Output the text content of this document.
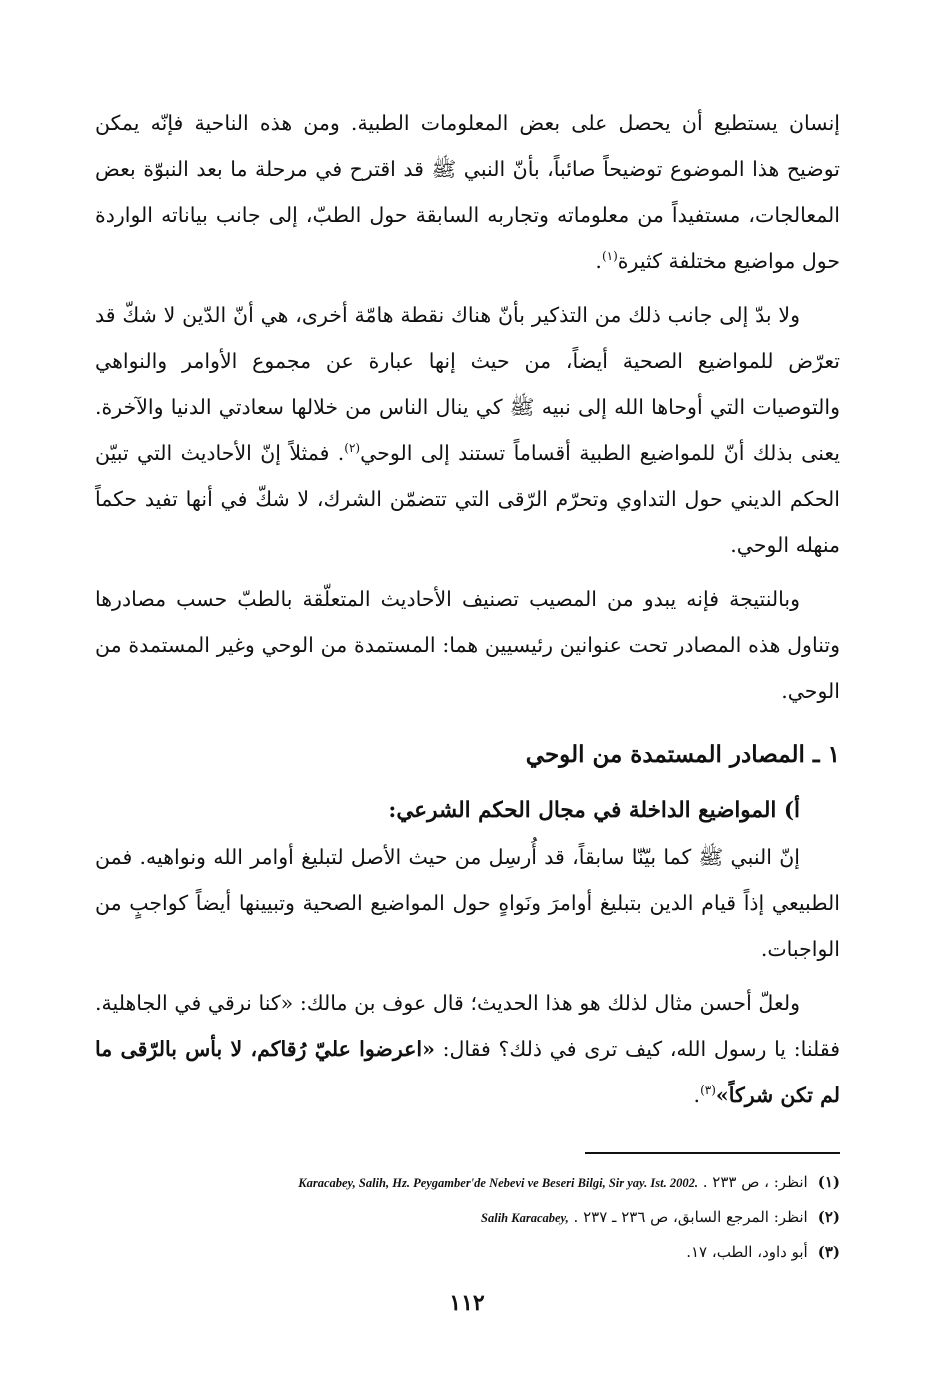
إنسان يستطيع أن يحصل على بعض المعلومات الطبية. ومن هذه الناحية فإنّه يمكن توضيح هذا الموضوع توضيحاً صائباً، بأنّ النبي ﷺ قد اقترح في مرحلة ما بعد النبوّة بعض المعالجات، مستفيداً من معلوماته وتجاربه السابقة حول الطبّ، إلى جانب بياناته الواردة حول مواضيع مختلفة كثيرة$^{(١)}$.

ولا بدّ إلى جانب ذلك من التذكير بأنّ هناك نقطة هامّة أخرى، هي أنّ الدّين لا شكّ قد تعرّض للمواضيع الصحية أيضاً، من حيث إنها عبارة عن مجموع الأوامر والنواهي والتوصيات التي أوحاها الله إلى نبيه ﷺ كي ينال الناس من خلالها سعادتي الدنيا والآخرة. يعنى بذلك أنّ للمواضيع الطبية أقساماً تستند إلى الوحي$^{(٢)}$. فمثلاً إنّ الأحاديث التي تبيّن الحكم الديني حول التداوي وتحرّم الرّقى التي تتضمّن الشرك، لا شكّ في أنها تفيد حكماً منهله الوحي.

وبالنتيجة فإنه يبدو من المصيب تصنيف الأحاديث المتعلّقة بالطبّ حسب مصادرها وتناول هذه المصادر تحت عنوانين رئيسيين هما: المستمدة من الوحي وغير المستمدة من الوحي.

١ ـ المصادر المستمدة من الوحي

أ) المواضيع الداخلة في مجال الحكم الشرعي:

إنّ النبي ﷺ كما بيّنّا سابقاً، قد أُرسِل من حيث الأصل لتبليغ أوامر الله ونواهيه. فمن الطبيعي إذاً قيام الدين بتبليغ أوامرَ ونَواهٍ حول المواضيع الصحية وتبيينها أيضاً كواجبٍ من الواجبات.

ولعلّ أحسن مثال لذلك هو هذا الحديث؛ قال عوف بن مالك: «كنا نرقي في الجاهلية. فقلنا: يا رسول الله، كيف ترى في ذلك؟ فقال: «اعرضوا عليّ رُقاكم، لا بأس بالرّقى ما لم تكن شركاً»$^{(٣)}$.

(١)انظر: ، ص ٢٣٣ . Karacabey, Salih, Hz. Peygamber'de Nebevi ve Beseri Bilgi, Sir yay. Ist. 2002.

(٢)انظر: المرجع السابق، ص ٢٣٦ ـ ٢٣٧ . Salih Karacabey,

(٣)أبو داود، الطب، ١٧.

١١٢
